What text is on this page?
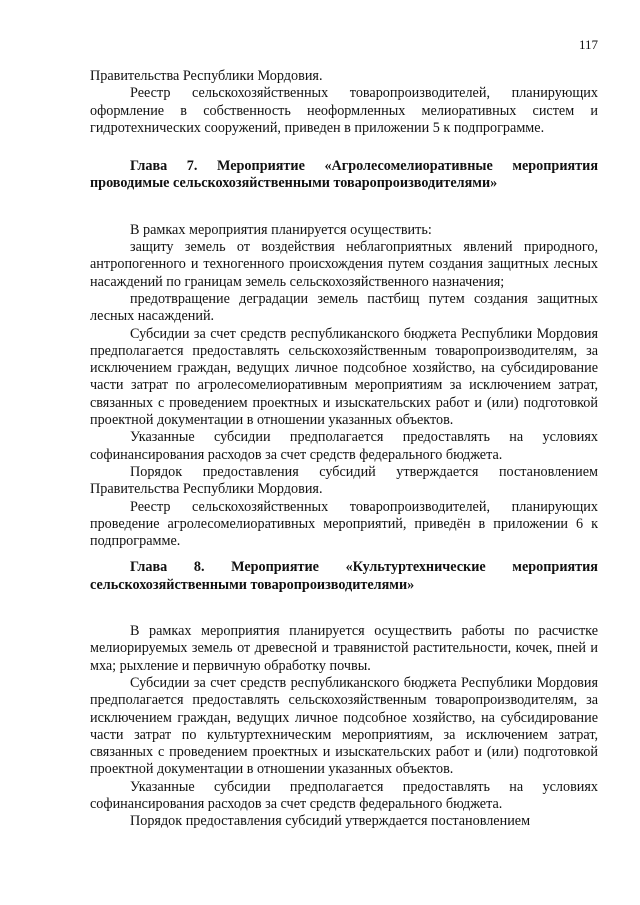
117

Правительства Республики Мордовия.

Реестр сельскохозяйственных товаропроизводителей, планирующих оформление в собственность неоформленных мелиоративных систем и гидротехнических сооружений, приведен в приложении 5 к подпрограмме.

Глава 7. Мероприятие «Агролесомелиоративные мероприятия проводимые сельскохозяйственными товаропроизводителями»

В рамках мероприятия планируется осуществить:

защиту земель от воздействия неблагоприятных явлений природного, антропогенного и техногенного происхождения путем создания защитных лесных насаждений по границам земель сельскохозяйственного назначения;

предотвращение деградации земель пастбищ путем создания защитных лесных насаждений.

Субсидии за счет средств республиканского бюджета Республики Мордовия предполагается предоставлять сельскохозяйственным товаропроизводителям, за исключением граждан, ведущих личное подсобное хозяйство, на субсидирование части затрат по агролесомелиоративным мероприятиям за исключением затрат, связанных с проведением проектных и изыскательских работ и (или) подготовкой проектной документации в отношении указанных объектов.

Указанные субсидии предполагается предоставлять на условиях софинансирования расходов за счет средств федерального бюджета.

Порядок предоставления субсидий утверждается постановлением Правительства Республики Мордовия.

Реестр сельскохозяйственных товаропроизводителей, планирующих проведение агролесомелиоративных мероприятий, приведён в приложении 6 к подпрограмме.

Глава 8. Мероприятие «Культуртехнические мероприятия сельскохозяйственными товаропроизводителями»

В рамках мероприятия планируется осуществить работы по расчистке мелиорируемых земель от древесной и травянистой растительности, кочек, пней и мха; рыхление и первичную обработку почвы.

Субсидии за счет средств республиканского бюджета Республики Мордовия предполагается предоставлять сельскохозяйственным товаропроизводителям, за исключением граждан, ведущих личное подсобное хозяйство, на субсидирование части затрат по культуртехническим мероприятиям, за исключением затрат, связанных с проведением проектных и изыскательских работ и (или) подготовкой проектной документации в отношении указанных объектов.

Указанные субсидии предполагается предоставлять на условиях софинансирования расходов за счет средств федерального бюджета.

Порядок предоставления субсидий утверждается постановлением
